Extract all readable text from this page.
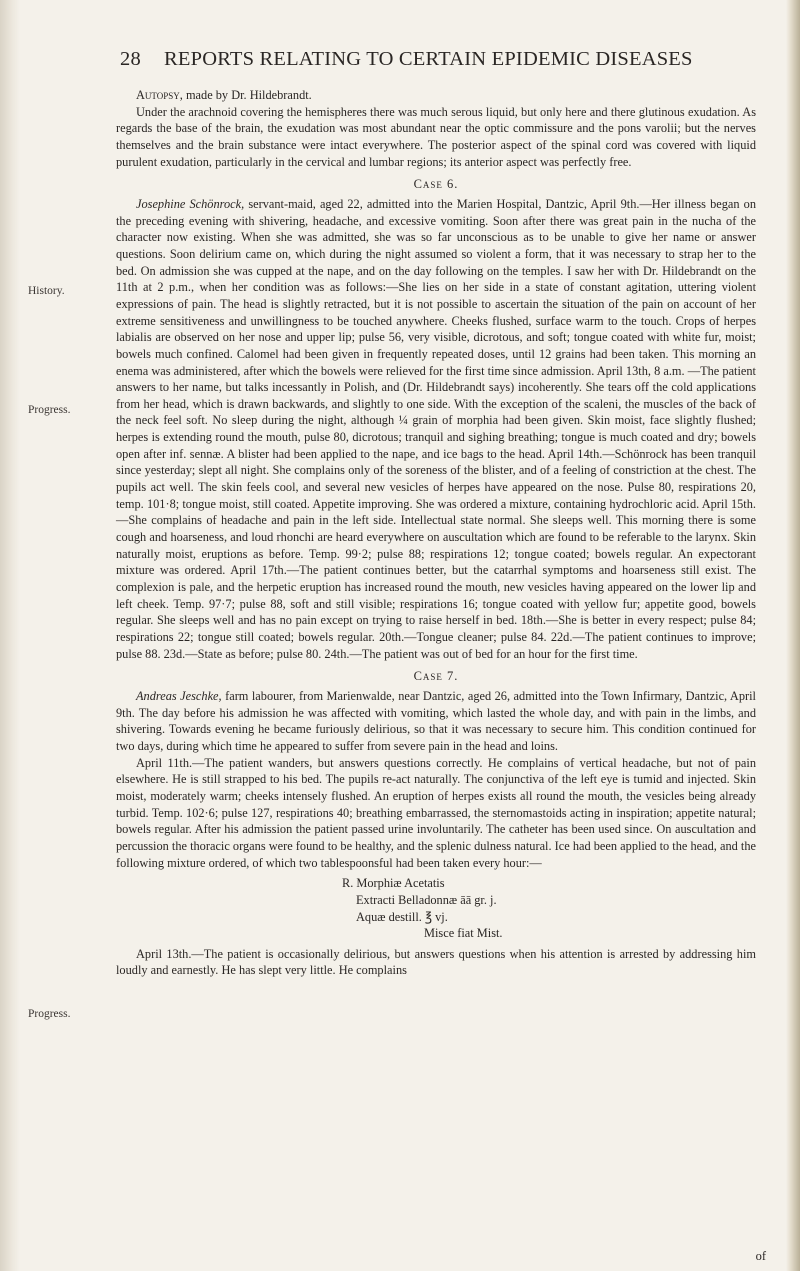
28 REPORTS RELATING TO CERTAIN EPIDEMIC DISEASES
History.
Progress.
Progress.

Autopsy, made by Dr. Hildebrandt.

Under the arachnoid covering the hemispheres there was much serous liquid, but only here and there glutinous exudation. As regards the base of the brain, the exudation was most abundant near the optic commissure and the pons varolii; but the nerves themselves and the brain substance were intact everywhere. The posterior aspect of the spinal cord was covered with liquid purulent exudation, particularly in the cervical and lumbar regions; its anterior aspect was perfectly free.

Case 6.

Josephine Schönrock, servant-maid, aged 22, admitted into the Marien Hospital, Dantzic, April 9th.—Her illness began on the preceding evening with shivering, headache, and excessive vomiting. Soon after there was great pain in the nucha of the character now existing. When she was admitted, she was so far unconscious as to be unable to give her name or answer questions. Soon delirium came on, which during the night assumed so violent a form, that it was necessary to strap her to the bed. On admission she was cupped at the nape, and on the day following on the temples. I saw her with Dr. Hildebrandt on the 11th at 2 p.m., when her condition was as follows:—She lies on her side in a state of constant agitation, uttering violent expressions of pain. The head is slightly retracted, but it is not possible to ascertain the situation of the pain on account of her extreme sensitiveness and unwillingness to be touched anywhere. Cheeks flushed, surface warm to the touch. Crops of herpes labialis are observed on her nose and upper lip; pulse 56, very visible, dicrotous, and soft; tongue coated with white fur, moist; bowels much confined. Calomel had been given in frequently repeated doses, until 12 grains had been taken. This morning an enema was administered, after which the bowels were relieved for the first time since admission. April 13th, 8 a.m. —The patient answers to her name, but talks incessantly in Polish, and (Dr. Hildebrandt says) incoherently. She tears off the cold applications from her head, which is drawn backwards, and slightly to one side. With the exception of the scaleni, the muscles of the back of the neck feel soft. No sleep during the night, although ¼ grain of morphia had been given. Skin moist, face slightly flushed; herpes is extending round the mouth, pulse 80, dicrotous; tranquil and sighing breathing; tongue is much coated and dry; bowels open after inf. sennæ. A blister had been applied to the nape, and ice bags to the head. April 14th.—Schönrock has been tranquil since yesterday; slept all night. She complains only of the soreness of the blister, and of a feeling of constriction at the chest. The pupils act well. The skin feels cool, and several new vesicles of herpes have appeared on the nose. Pulse 80, respirations 20, temp. 101·8; tongue moist, still coated. Appetite improving. She was ordered a mixture, containing hydrochloric acid. April 15th.—She complains of headache and pain in the left side. Intellectual state normal. She sleeps well. This morning there is some cough and hoarseness, and loud rhonchi are heard everywhere on auscultation which are found to be referable to the larynx. Skin naturally moist, eruptions as before. Temp. 99·2; pulse 88; respirations 12; tongue coated; bowels regular. An expectorant mixture was ordered. April 17th.—The patient continues better, but the catarrhal symptoms and hoarseness still exist. The complexion is pale, and the herpetic eruption has increased round the mouth, new vesicles having appeared on the lower lip and left cheek. Temp. 97·7; pulse 88, soft and still visible; respirations 16; tongue coated with yellow fur; appetite good, bowels regular. She sleeps well and has no pain except on trying to raise herself in bed. 18th.—She is better in every respect; pulse 84; respirations 22; tongue still coated; bowels regular. 20th.—Tongue cleaner; pulse 84. 22d.—The patient continues to improve; pulse 88. 23d.—State as before; pulse 80. 24th.—The patient was out of bed for an hour for the first time.

Case 7.

Andreas Jeschke, farm labourer, from Marienwalde, near Dantzic, aged 26, admitted into the Town Infirmary, Dantzic, April 9th. The day before his admission he was affected with vomiting, which lasted the whole day, and with pain in the limbs, and shivering. Towards evening he became furiously delirious, so that it was necessary to secure him. This condition continued for two days, during which time he appeared to suffer from severe pain in the head and loins.

April 11th.—The patient wanders, but answers questions correctly. He complains of vertical headache, but not of pain elsewhere. He is still strapped to his bed. The pupils re-act naturally. The conjunctiva of the left eye is tumid and injected. Skin moist, moderately warm; cheeks intensely flushed. An eruption of herpes exists all round the mouth, the vesicles being already turbid. Temp. 102·6; pulse 127, respirations 40; breathing embarrassed, the sternomastoids acting in inspiration; appetite natural; bowels regular. After his admission the patient passed urine involuntarily. The catheter has been used since. On auscultation and percussion the thoracic organs were found to be healthy, and the splenic dulness natural. Ice had been applied to the head, and the following mixture ordered, of which two tablespoonsful had been taken every hour:—

R. Morphiæ Acetatis
Extracti Belladonnæ āā gr. j.
Aquæ destill. ℥ vj.
Misce fiat Mist.

April 13th.—The patient is occasionally delirious, but answers questions when his attention is arrested by addressing him loudly and earnestly. He has slept very little. He complains

of
